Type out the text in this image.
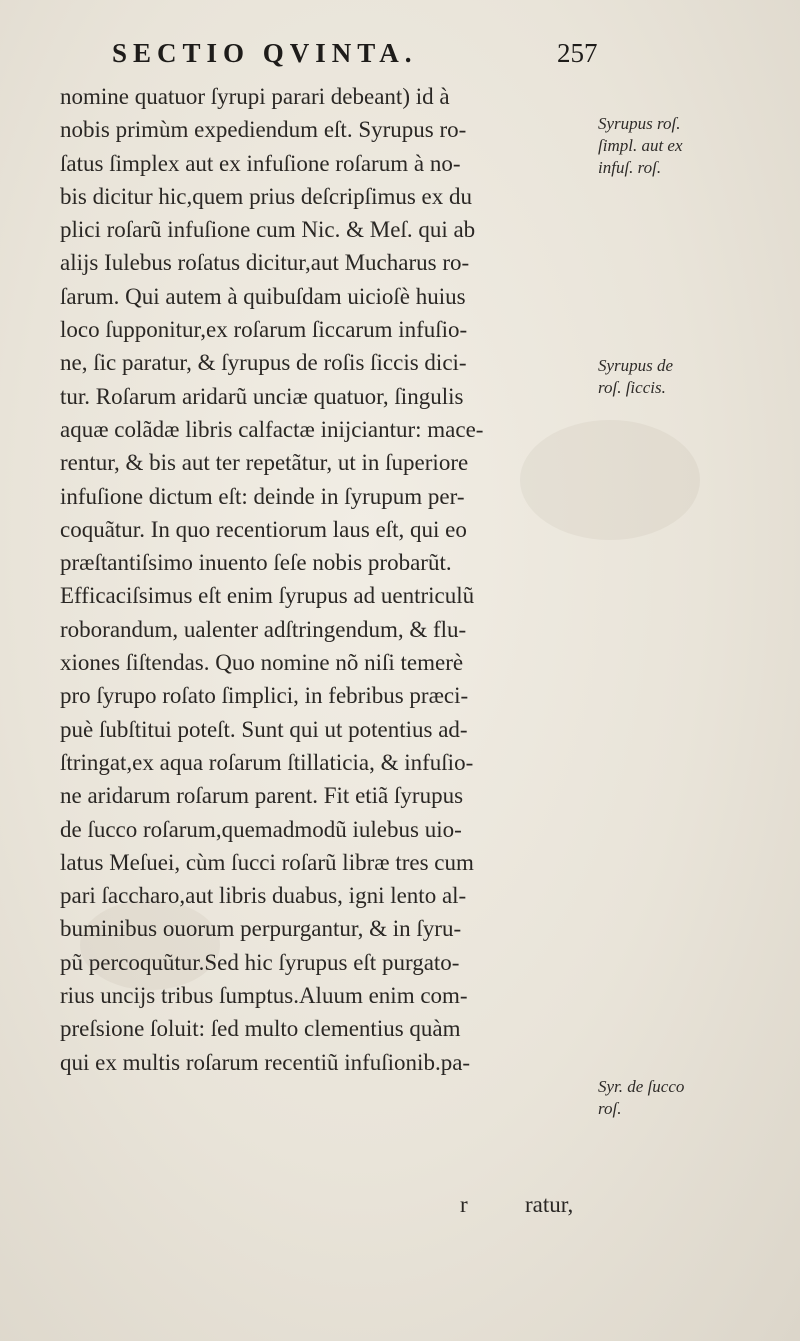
SECTIO QVINTA.	257
nomine quatuor ſyrupi parari debeant) id à
nobis primùm expediendum eſt. Syrupus ro-
ſatus ſimplex aut ex infuſione roſarum à no-
bis dicitur hic,quem prius deſcripſimus ex du
plici roſarũ infuſione cum Nic. & Meſ. qui ab
alijs Iulebus roſatus dicitur,aut Mucharus ro-
ſarum. Qui autem à quibuſdam uicioſè huius
loco ſupponitur,ex roſarum ſiccarum infuſio-
ne, ſic paratur, & ſyrupus de roſis ſiccis dici-
tur. Roſarum aridarũ unciæ quatuor, ſingulis
aquæ colãdæ libris calfactæ inijciantur: mace-
rentur, & bis aut ter repetãtur, ut in ſuperiore
infuſione dictum eſt: deinde in ſyrupum per-
coquãtur. In quo recentiorum laus eſt, qui eo
præſtantiſsimo inuento ſeſe nobis probarũt.
Efficaciſsimus eſt enim ſyrupus ad uentriculũ
roborandum, ualenter adſtringendum, & flu-
xiones ſiſtendas. Quo nomine nõ niſi temerè
pro ſyrupo roſato ſimplici, in febribus præci-
puè ſubſtitui poteſt. Sunt qui ut potentius ad-
ſtringat,ex aqua roſarum ſtillaticia, & infuſio-
ne aridarum roſarum parent. Fit etiã ſyrupus
de ſucco roſarum,quemadmodũ iulebus uio-
latus Meſuei, cùm ſucci roſarũ libræ tres cum
pari ſaccharo,aut libris duabus, igni lento al-
buminibus ouorum perpurgantur, & in ſyru-
pũ percoquũtur.Sed hic ſyrupus eſt purgato-
rius uncijs tribus ſumptus.Aluum enim com-
preſsione ſoluit: ſed multo clementius quàm
qui ex multis roſarum recentiũ infuſionib.pa-
Syrupus roſ.
ſimpl. aut ex
infuſ. roſ.
Syrupus de
roſ. ſiccis.
Syr. de ſucco
roſ.
r ratur,
